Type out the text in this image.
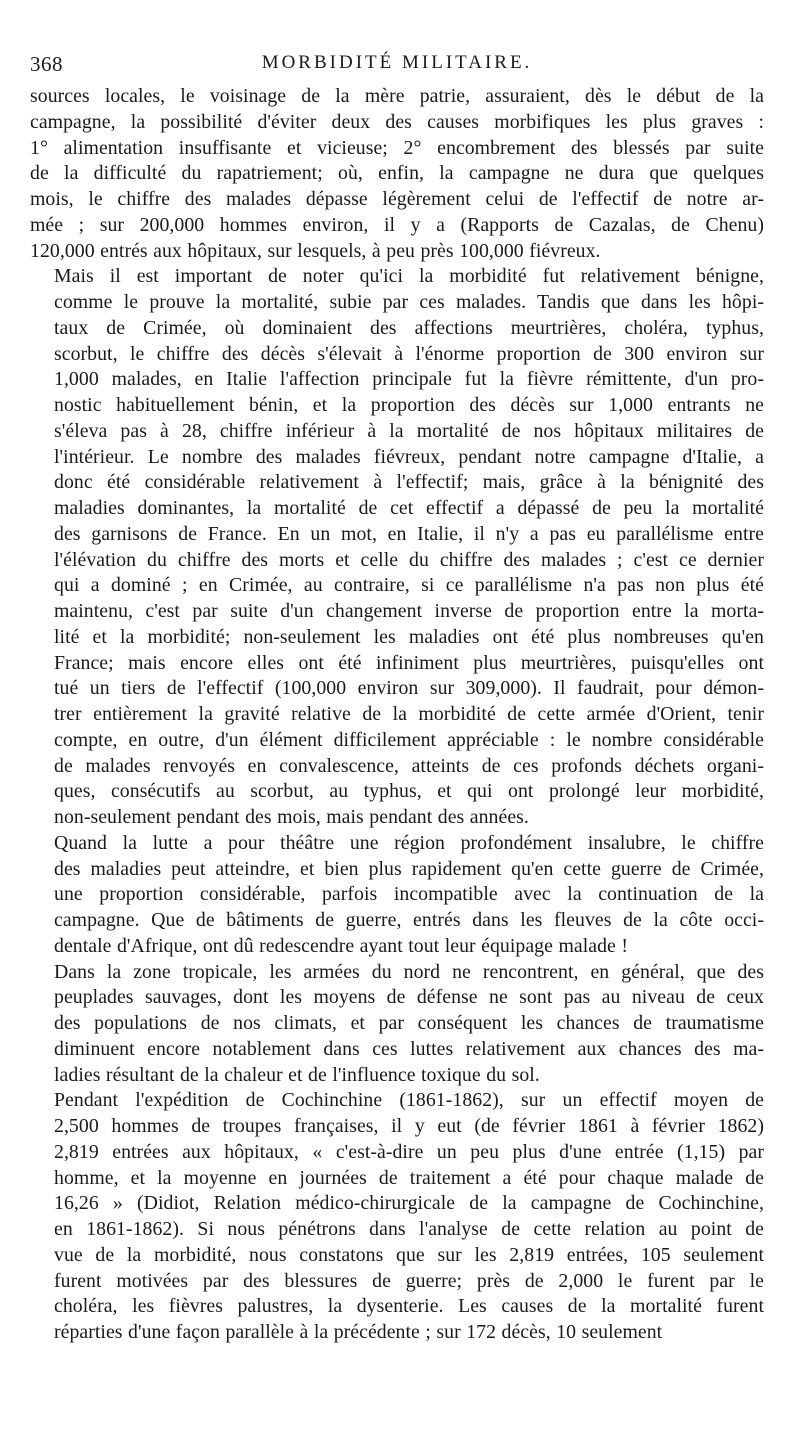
368	MORBIDITÉ MILITAIRE.

sources locales, le voisinage de la mère patrie, assuraient, dès le début de la
campagne, la possibilité d'éviter deux des causes morbifiques les plus graves :
1° alimentation insuffisante et vicieuse; 2° encombrement des blessés par suite
de la difficulté du rapatriement; où, enfin, la campagne ne dura que quelques
mois, le chiffre des malades dépasse légèrement celui de l'effectif de notre ar-
mée ; sur 200,000 hommes environ, il y a (Rapports de Cazalas, de Chenu)
120,000 entrés aux hôpitaux, sur lesquels, à peu près 100,000 fiévreux.

Mais il est important de noter qu'ici la morbidité fut relativement bénigne,
comme le prouve la mortalité, subie par ces malades. Tandis que dans les hôpi-
taux de Crimée, où dominaient des affections meurtrières, choléra, typhus,
scorbut, le chiffre des décès s'élevait à l'énorme proportion de 300 environ sur
1,000 malades, en Italie l'affection principale fut la fièvre rémittente, d'un pro-
nostic habituellement bénin, et la proportion des décès sur 1,000 entrants ne
s'éleva pas à 28, chiffre inférieur à la mortalité de nos hôpitaux militaires de
l'intérieur. Le nombre des malades fiévreux, pendant notre campagne d'Italie, a
donc été considérable relativement à l'effectif; mais, grâce à la bénignité des
maladies dominantes, la mortalité de cet effectif a dépassé de peu la mortalité
des garnisons de France. En un mot, en Italie, il n'y a pas eu parallélisme entre
l'élévation du chiffre des morts et celle du chiffre des malades ; c'est ce dernier
qui a dominé ; en Crimée, au contraire, si ce parallélisme n'a pas non plus été
maintenu, c'est par suite d'un changement inverse de proportion entre la morta-
lité et la morbidité; non-seulement les maladies ont été plus nombreuses qu'en
France; mais encore elles ont été infiniment plus meurtrières, puisqu'elles ont
tué un tiers de l'effectif (100,000 environ sur 309,000). Il faudrait, pour démon-
trer entièrement la gravité relative de la morbidité de cette armée d'Orient, tenir
compte, en outre, d'un élément difficilement appréciable : le nombre considérable
de malades renvoyés en convalescence, atteints de ces profonds déchets organi-
ques, consécutifs au scorbut, au typhus, et qui ont prolongé leur morbidité,
non-seulement pendant des mois, mais pendant des années.

Quand la lutte a pour théâtre une région profondément insalubre, le chiffre
des maladies peut atteindre, et bien plus rapidement qu'en cette guerre de Crimée,
une proportion considérable, parfois incompatible avec la continuation de la
campagne. Que de bâtiments de guerre, entrés dans les fleuves de la côte occi-
dentale d'Afrique, ont dû redescendre ayant tout leur équipage malade !

Dans la zone tropicale, les armées du nord ne rencontrent, en général, que des
peuplades sauvages, dont les moyens de défense ne sont pas au niveau de ceux
des populations de nos climats, et par conséquent les chances de traumatisme
diminuent encore notablement dans ces luttes relativement aux chances des ma-
ladies résultant de la chaleur et de l'influence toxique du sol.

Pendant l'expédition de Cochinchine (1861-1862), sur un effectif moyen de
2,500 hommes de troupes françaises, il y eut (de février 1861 à février 1862)
2,819 entrées aux hôpitaux, « c'est-à-dire un peu plus d'une entrée (1,15) par
homme, et la moyenne en journées de traitement a été pour chaque malade de
16,26 » (Didiot, Relation médico-chirurgicale de la campagne de Cochinchine,
en 1861-1862). Si nous pénétrons dans l'analyse de cette relation au point de
vue de la morbidité, nous constatons que sur les 2,819 entrées, 105 seulement
furent motivées par des blessures de guerre; près de 2,000 le furent par le
choléra, les fièvres palustres, la dysenterie. Les causes de la mortalité furent
réparties d'une façon parallèle à la précédente ; sur 172 décès, 10 seulement
